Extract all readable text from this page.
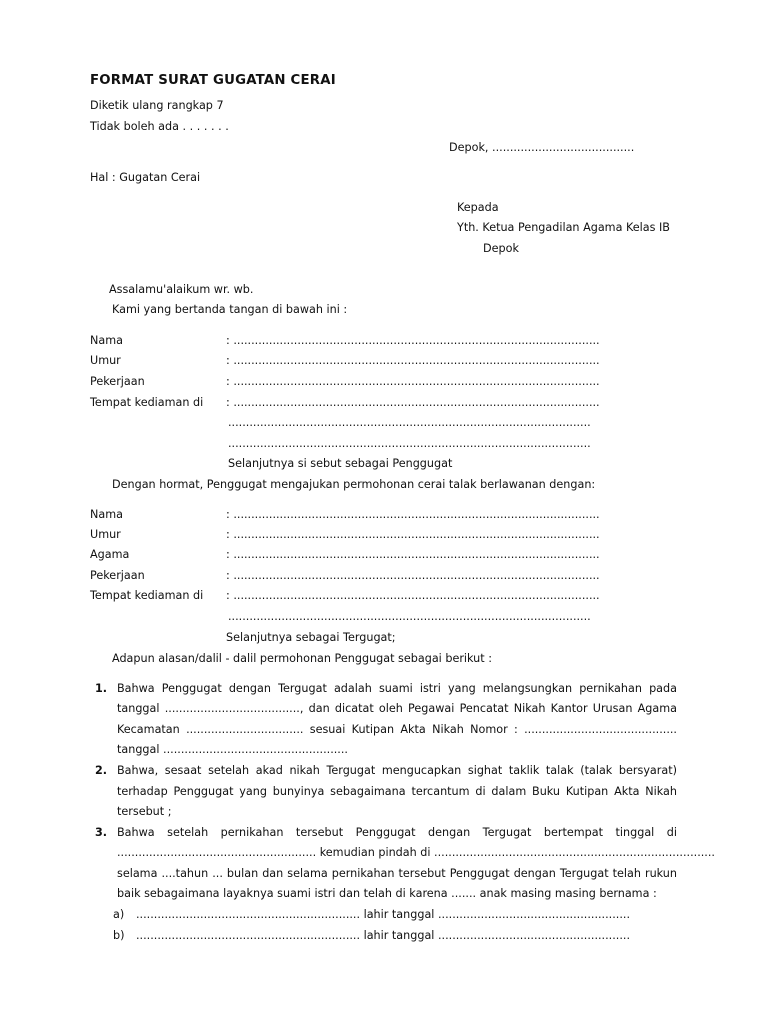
FORMAT SURAT GUGATAN CERAI
Diketik ulang rangkap 7
Tidak boleh ada . . . . . . .
Depok, ........................................
Hal : Gugatan Cerai
Kepada
Yth. Ketua Pengadilan Agama Kelas IB
Depok
Assalamu'alaikum wr. wb.
Kami yang bertanda tangan di bawah ini :
Nama	: .......................................................................................................
Umur	: .......................................................................................................
Pekerjaan	: .......................................................................................................
Tempat kediaman di : .......................................................................................................
......................................................................................................
......................................................................................................
Selanjutnya si sebut sebagai Penggugat
Dengan hormat, Penggugat mengajukan permohonan cerai talak berlawanan dengan:
Nama	: .......................................................................................................
Umur	: .......................................................................................................
Agama	: .......................................................................................................
Pekerjaan	: .......................................................................................................
Tempat kediaman di : .......................................................................................................
......................................................................................................
Selanjutnya sebagai Tergugat;
Adapun alasan/dalil - dalil permohonan Penggugat sebagai berikut :
1. Bahwa Penggugat dengan Tergugat adalah suami istri yang melangsungkan pernikahan pada
tanggal ......................................, dan dicatat oleh Pegawai Pencatat Nikah Kantor Urusan Agama
Kecamatan ................................. sesuai Kutipan Akta Nikah Nomor : ...........................................
tanggal ....................................................
2. Bahwa, sesaat setelah akad nikah Tergugat mengucapkan sighat taklik talak (talak bersyarat)
terhadap Penggugat yang bunyinya sebagaimana tercantum di dalam Buku Kutipan Akta Nikah
tersebut ;
3. Bahwa setelah pernikahan tersebut Penggugat dengan Tergugat bertempat tinggal di
........................................................ kemudian pindah di ...............................................................................
selama ....tahun ... bulan dan selama pernikahan tersebut Penggugat dengan Tergugat telah rukun
baik sebagaimana layaknya suami istri dan telah di karena ....... anak masing masing bernama :
a) ............................................................... lahir tanggal ......................................................
b) ............................................................... lahir tanggal ......................................................
